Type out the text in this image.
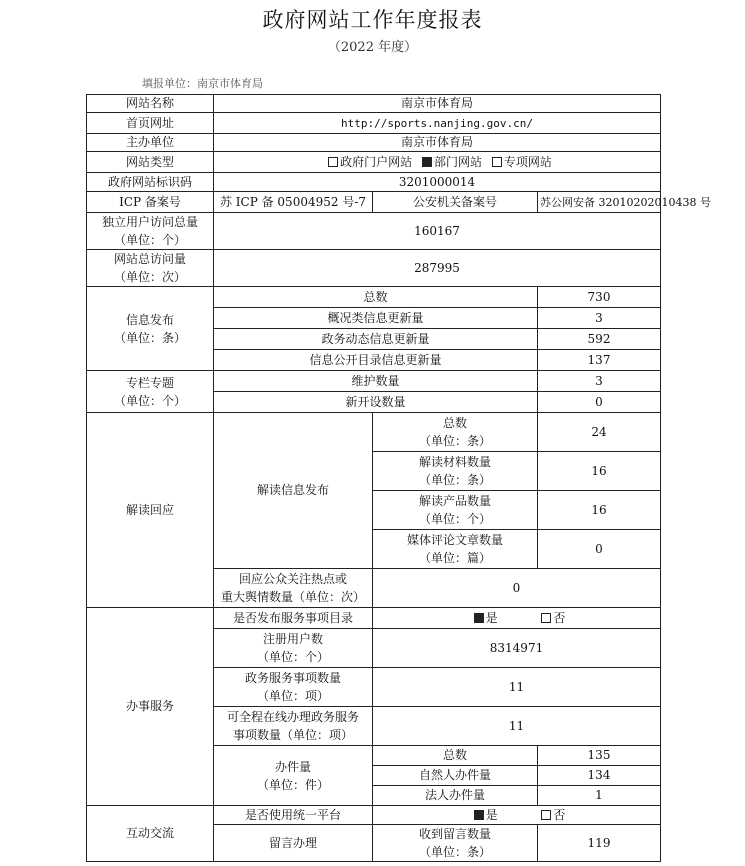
政府网站工作年度报表
（2022 年度）
填报单位：南京市体育局
网站名称	南京市体育局		
首页网址	http://sports.nanjing.gov.cn/		
主办单位	南京市体育局		
网站类型	政府门户网站 部门网站 专项网站		
政府网站标识码	3201000014		
ICP 备案号	苏 ICP 备 05004952 号-7	公安机关备案号	苏公网安备 32010202010438 号
独立用户访问总量
（单位：个）	160167		
网站总访问量
（单位：次）	287995		
信息发布
（单位：条）	总数		730
	概况类信息更新量		3
	政务动态信息更新量		592
	信息公开目录信息更新量		137
专栏专题
（单位：个）	维护数量		3
	新开设数量		0
解读回应	解读信息发布	总数
（单位：条）	24
		解读材料数量
（单位：条）	16
		解读产品数量
（单位：个）	16
		媒体评论文章数量
（单位：篇）	0
	回应公众关注热点或
重大舆情数量（单位：次）	0	
办事服务	是否发布服务事项目录	是 否	
	注册用户数
（单位：个）	8314971	
	政务服务事项数量
（单位：项）	11	
	可全程在线办理政务服务
事项数量（单位：项）	11	
	办件量
（单位：件）	总数	135
		自然人办件量	134
		法人办件量	1
互动交流	是否使用统一平台	是 否	
	留言办理	收到留言数量
（单位：条）	119
